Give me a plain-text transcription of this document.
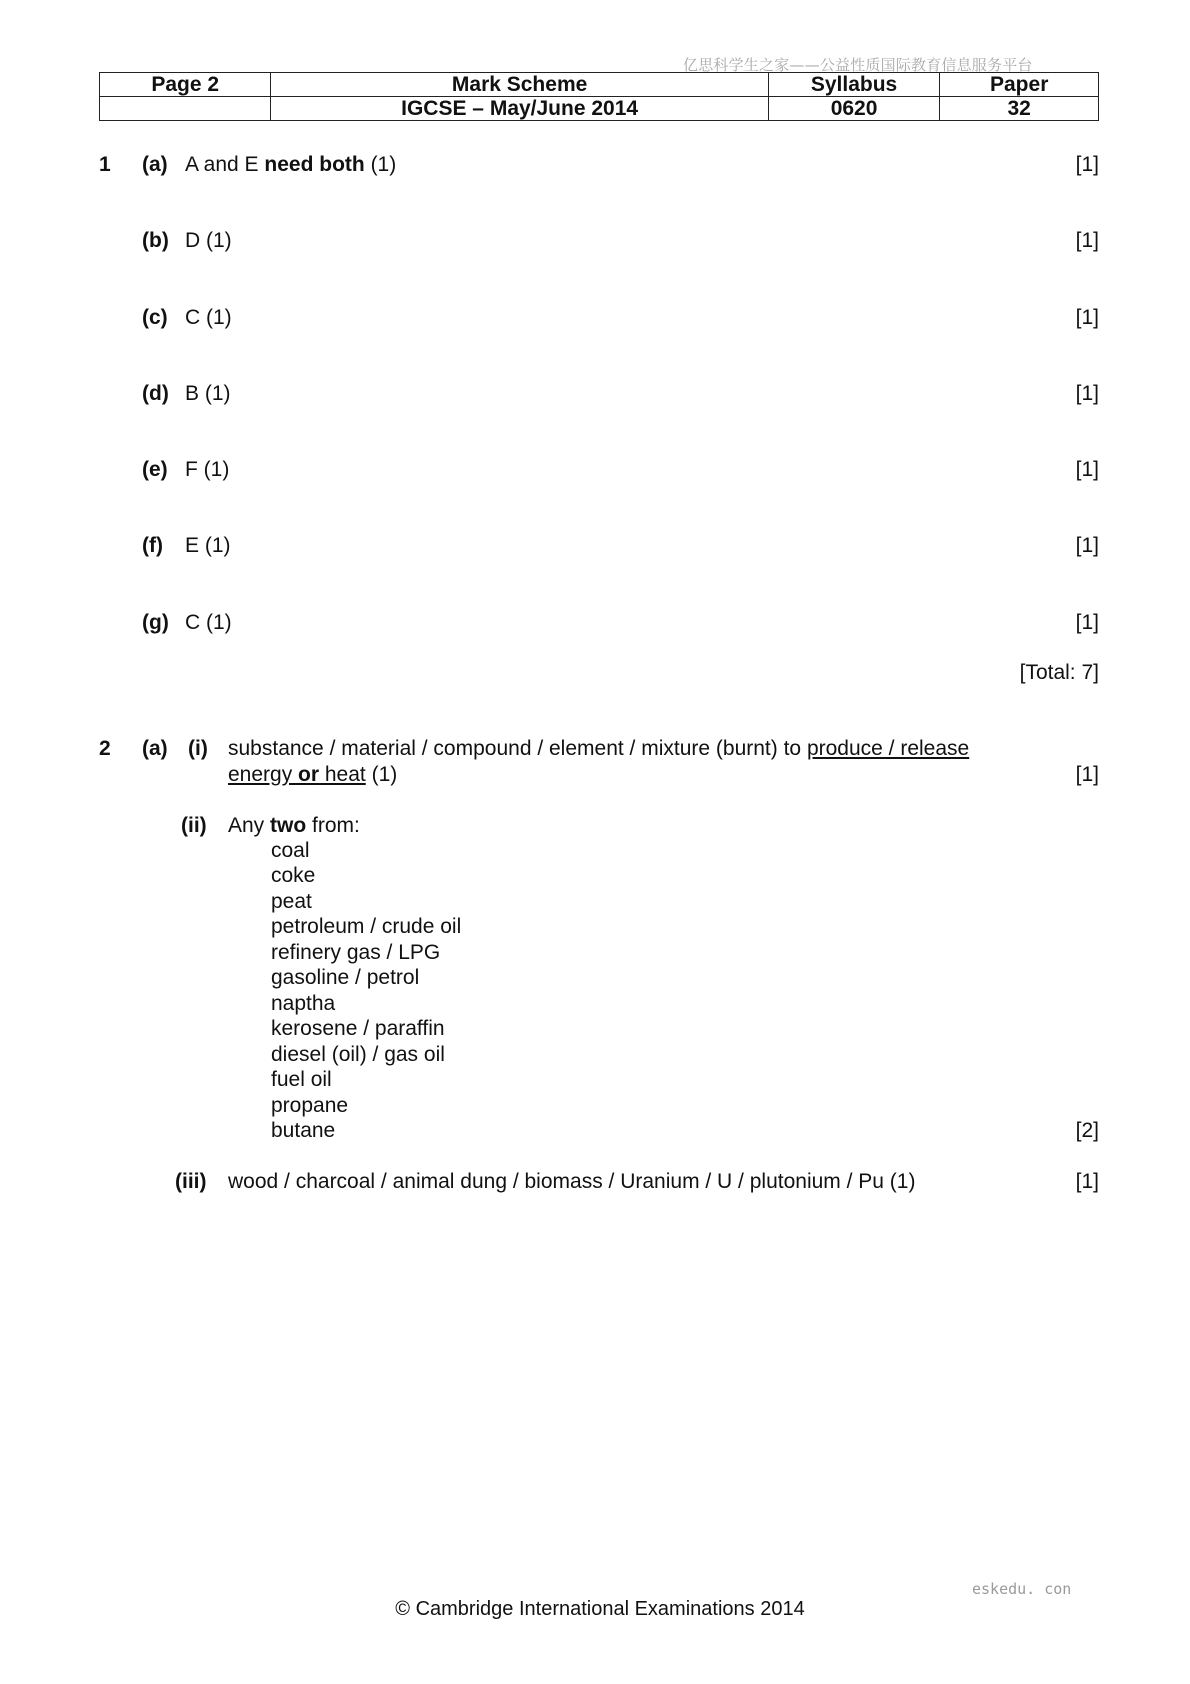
亿思科学生之家——公益性质国际教育信息服务平台
Page 2	Mark Scheme	Syllabus	Paper
	IGCSE – May/June 2014	0620	32
1 (a) A and E need both (1)	[1]
(b) D (1)	[1]
(c) C (1)	[1]
(d) B (1)	[1]
(e) F (1)	[1]
(f) E (1)	[1]
(g) C (1)	[1]
[Total: 7]
2 (a) (i) substance / material / compound / element / mixture (burnt) to produce / release
energy or heat (1)	[1]
(ii) Any two from:
coal
coke
peat
petroleum / crude oil
refinery gas / LPG
gasoline / petrol
naptha
kerosene / paraffin
diesel (oil) / gas oil
fuel oil
propane
butane	[2]
(iii) wood / charcoal / animal dung / biomass / Uranium / U / plutonium / Pu (1)	[1]
eskedu. con
© Cambridge International Examinations 2014
